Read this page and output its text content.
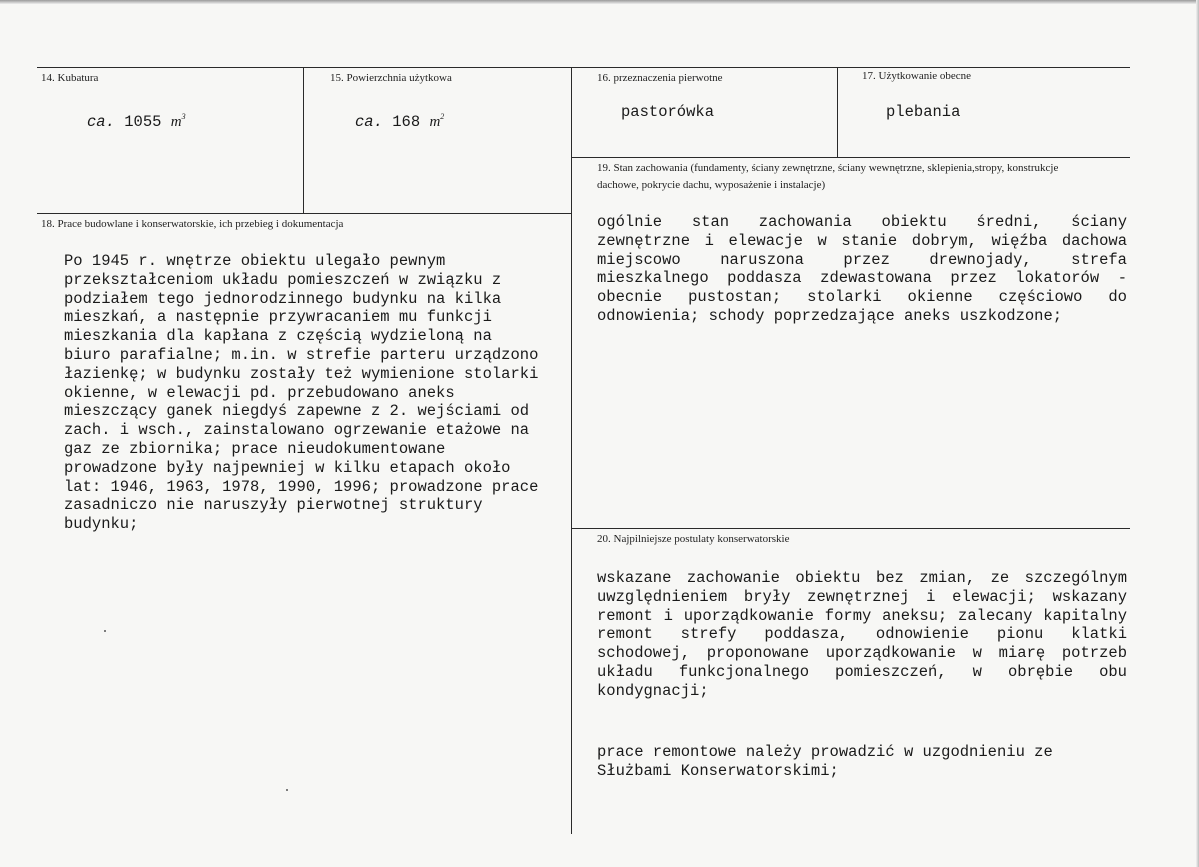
14. Kubatura
ca. 1055 $m^3$
15. Powierzchnia użytkowa
ca. 168 $m^2$
16. przeznaczenia pierwotne
pastorówka
17. Użytkowanie obecne
plebania
19. Stan zachowania (fundamenty, ściany zewnętrzne, ściany wewnętrzne, sklepienia,stropy, konstrukcje dachowe, pokrycie dachu, wyposażenie i instalacje)
ogólnie stan zachowania obiektu średni, ściany zewnętrzne i elewacje w stanie dobrym, więźba dachowa miejscowo naruszona przez drewnojady, strefa mieszkalnego poddasza zdewastowana przez lokatorów - obecnie pustostan; stolarki okienne częściowo do odnowienia; schody poprzedzające aneks uszkodzone;
18. Prace budowlane i konserwatorskie, ich przebieg i dokumentacja
Po 1945 r. wnętrze obiektu ulegało pewnym przekształceniom układu pomieszczeń w związku z podziałem tego jednorodzinnego budynku na kilka mieszkań, a następnie przywracaniem mu funkcji mieszkania dla kapłana z częścią wydzieloną na biuro parafialne; m.in. w strefie parteru urządzono łazienkę; w budynku zostały też wymienione stolarki okienne, w elewacji pd. przebudowano aneks mieszczący ganek niegdyś zapewne z 2. wejściami od zach. i wsch., zainstalowano ogrzewanie etażowe na gaz ze zbiornika; prace nieudokumentowane prowadzone były najpewniej w kilku etapach około lat: 1946, 1963, 1978, 1990, 1996; prowadzone prace zasadniczo nie naruszyły pierwotnej struktury budynku;
20. Najpilniejsze postulaty konserwatorskie
wskazane zachowanie obiektu bez zmian, ze szczególnym uwzględnieniem bryły zewnętrznej i elewacji; wskazany remont i uporządkowanie formy aneksu; zalecany kapitalny remont strefy poddasza, odnowienie pionu klatki schodowej, proponowane uporządkowanie w miarę potrzeb układu funkcjonalnego pomieszczeń, w obrębie obu kondygnacji;
prace remontowe należy prowadzić w uzgodnieniu ze Służbami Konserwatorskimi;
